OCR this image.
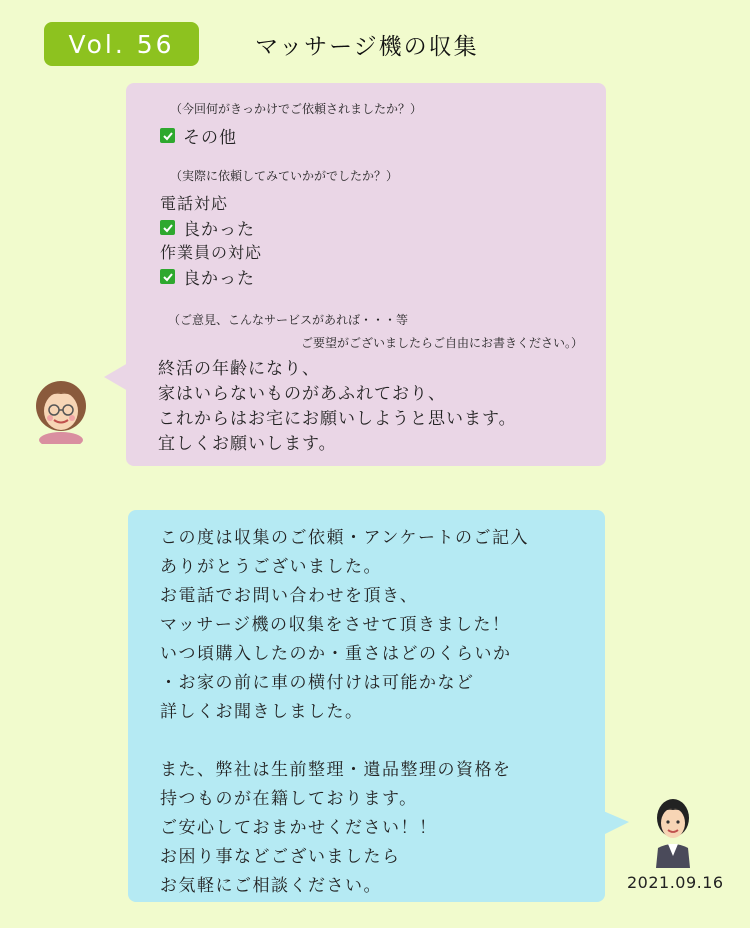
Vol. 56	マッサージ機の収集
（今回何がきっかけでご依頼されましたか？）
その他
（実際に依頼してみていかがでしたか？）
電話対応
良かった
作業員の対応
良かった
（ご意見、こんなサービスがあれば・・・等
ご要望がございましたらご自由にお書きください。）
終活の年齢になり、
家はいらないものがあふれており、
これからはお宅にお願いしようと思います。
宜しくお願いします。
この度は収集のご依頼・アンケートのご記入
ありがとうございました。
お電話でお問い合わせを頂き、
マッサージ機の収集をさせて頂きました！
いつ頃購入したのか・重さはどのくらいか
・お家の前に車の横付けは可能かなど
詳しくお聞きしました。
また、弊社は生前整理・遺品整理の資格を
持つものが在籍しております。
ご安心しておまかせください！！
お困り事などございましたら
お気軽にご相談ください。	2021.09.16
